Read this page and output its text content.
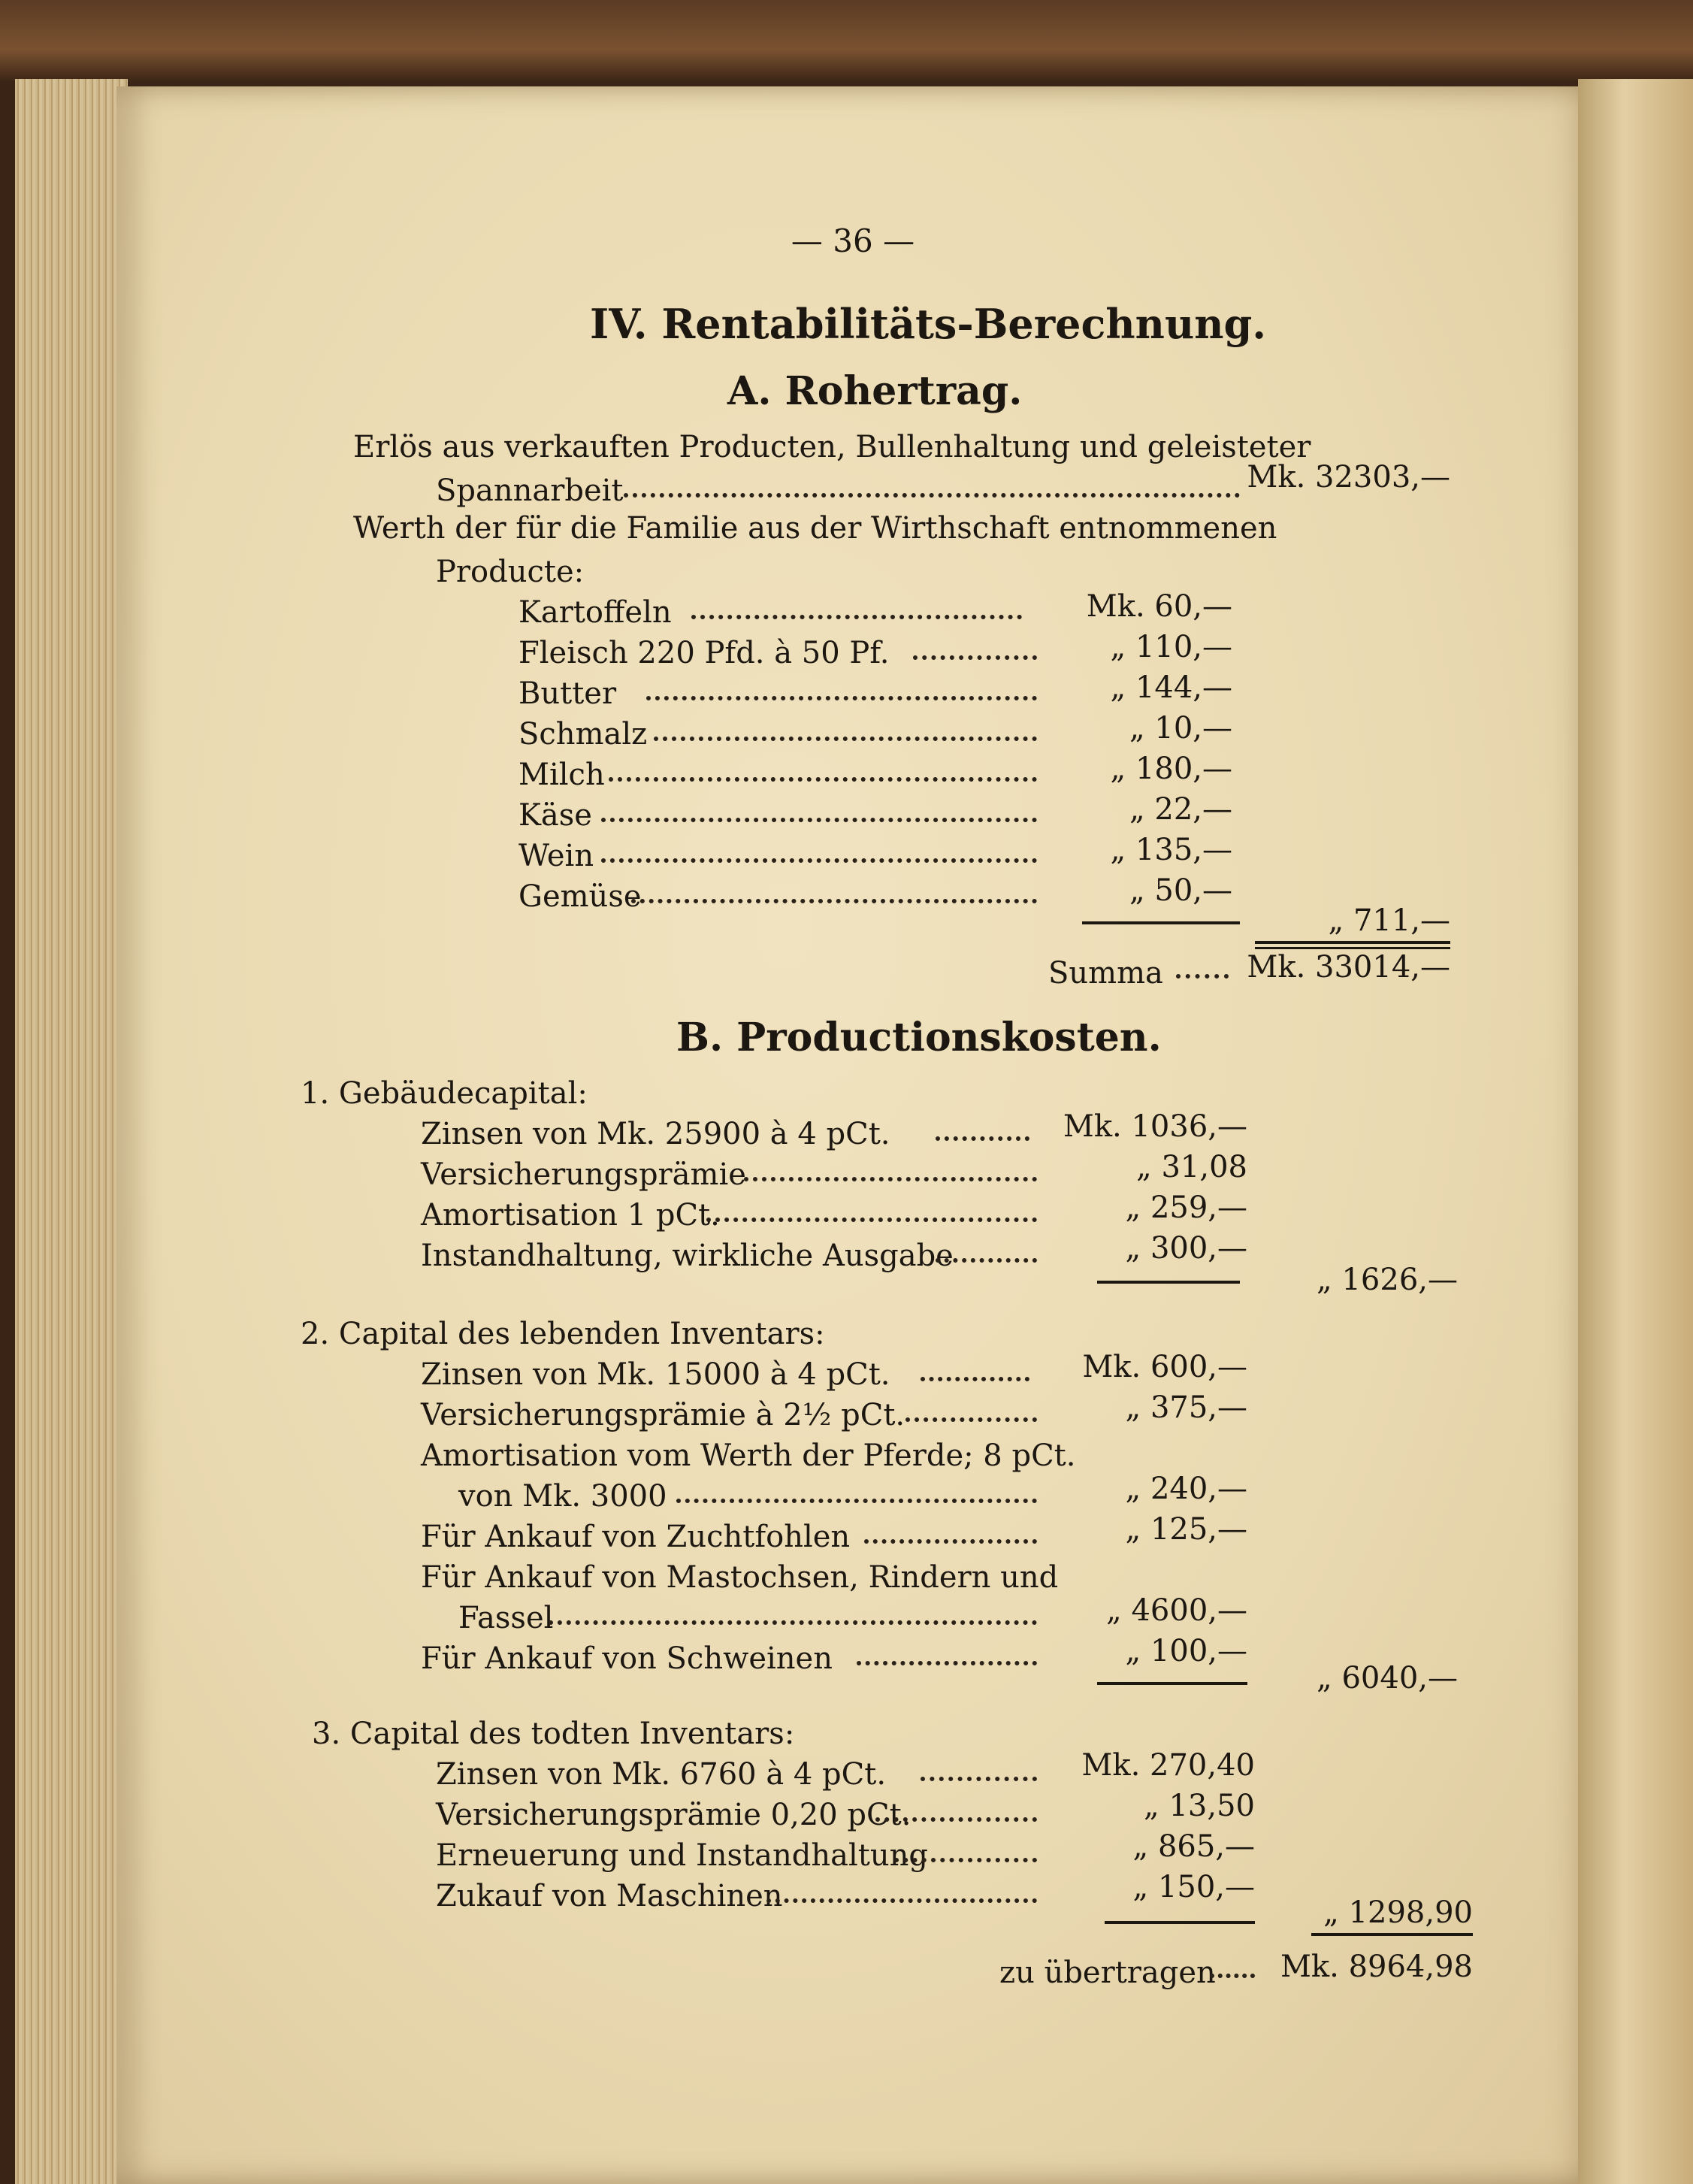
— 36 —
IV. Rentabilitäts-Berechnung.
A. Rohertrag.
Erlös aus verkauften Producten, Bullenhaltung und geleisteter
Spannarbeit	Mk. 32303,—
Werth der für die Familie aus der Wirthschaft entnommenen
Producte:
Kartoffeln	Mk. 60,—
Fleisch 220 Pfd. à 50 Pf.	„ 110,—
Butter	„ 144,—
Schmalz	„ 10,—
Milch	„ 180,—
Käse	„ 22,—
Wein	„ 135,—
Gemüse	„ 50,—
„ 711,—
Summa	Mk. 33014,—
B. Productionskosten.
1. Gebäudecapital:
Zinsen von Mk. 25900 à 4 pCt.	Mk. 1036,—
Versicherungsprämie	„ 31,08
Amortisation 1 pCt.	„ 259,—
Instandhaltung, wirkliche Ausgabe	„ 300,—
„ 1626,—
2. Capital des lebenden Inventars:
Zinsen von Mk. 15000 à 4 pCt.	Mk. 600,—
Versicherungsprämie à 2½ pCt.	„ 375,—
Amortisation vom Werth der Pferde; 8 pCt.
von Mk. 3000	„ 240,—
Für Ankauf von Zuchtfohlen	„ 125,—
Für Ankauf von Mastochsen, Rindern und
Fassel	„ 4600,—
Für Ankauf von Schweinen	„ 100,—
„ 6040,—
3. Capital des todten Inventars:
Zinsen von Mk. 6760 à 4 pCt.	Mk. 270,40
Versicherungsprämie 0,20 pCt.	„ 13,50
Erneuerung und Instandhaltung	„ 865,—
Zukauf von Maschinen	„ 150,—
„ 1298,90
zu übertragen	Mk. 8964,98
